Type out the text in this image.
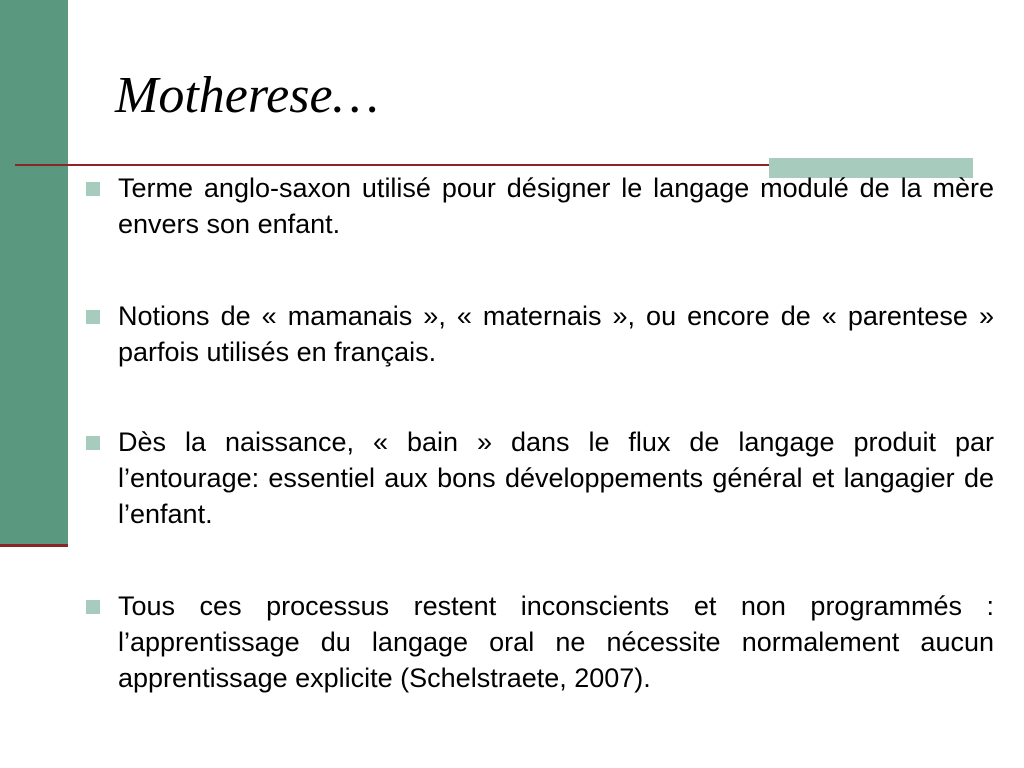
Motherese…

Terme anglo-saxon utilisé pour désigner le langage modulé de la mère envers son enfant.

Notions de « mamanais », « maternais », ou encore de « parentese » parfois utilisés en français.

Dès la naissance, « bain » dans le flux de langage produit par l’entourage: essentiel aux bons développements général et langagier de l’enfant.

Tous ces processus restent inconscients et non programmés : l’apprentissage du langage oral ne nécessite normalement aucun apprentissage explicite (Schelstraete, 2007).
